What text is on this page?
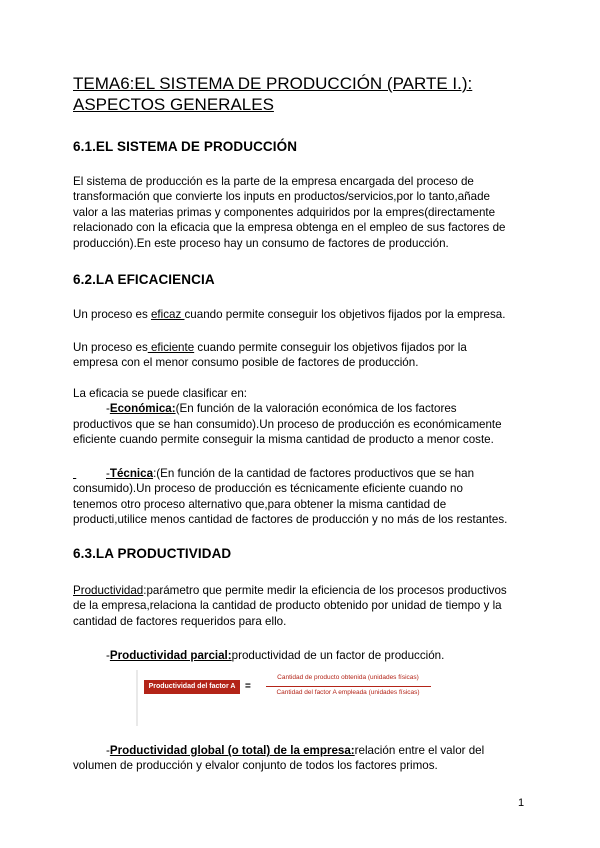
TEMA6:EL SISTEMA DE PRODUCCIÓN (PARTE I.):
ASPECTOS GENERALES
6.1.EL SISTEMA DE PRODUCCIÓN
El sistema de producción es la parte de la empresa encargada del proceso de
transformación que convierte los inputs en productos/servicios,por lo tanto,añade
valor a las materias primas y componentes adquiridos por la empres(directamente
relacionado con la eficacia que la empresa obtenga en el empleo de sus factores de
producción).En este proceso hay un consumo de factores de producción.
6.2.LA EFICACIENCIA
Un proceso es eficaz cuando permite conseguir los objetivos fijados por la empresa.
Un proceso es eficiente cuando permite conseguir los objetivos fijados por la
empresa con el menor consumo posible de factores de producción.
La eficacia se puede clasificar en:
-Económica:(En función de la valoración económica de los factores
productivos que se han consumido).Un proceso de producción es económicamente
eficiente cuando permite conseguir la misma cantidad de producto a menor coste.
-Técnica:(En función de la cantidad de factores productivos que se han
consumido).Un proceso de producción es técnicamente eficiente cuando no
tenemos otro proceso alternativo que,para obtener la misma cantidad de
producti,utilice menos cantidad de factores de producción y no más de los restantes.
6.3.LA PRODUCTIVIDAD
Productividad:parámetro que permite medir la eficiencia de los procesos productivos
de la empresa,relaciona la cantidad de producto obtenido por unidad de tiempo y la
cantidad de factores requeridos para ello.
-Productividad parcial:productividad de un factor de producción.
Productividad del factor A =
Cantidad de producto obtenida (unidades físicas)
Cantidad del factor A empleada (unidades físicas)
-Productividad global (o total) de la empresa:relación entre el valor del
volumen de producción y elvalor conjunto de todos los factores primos.
1
